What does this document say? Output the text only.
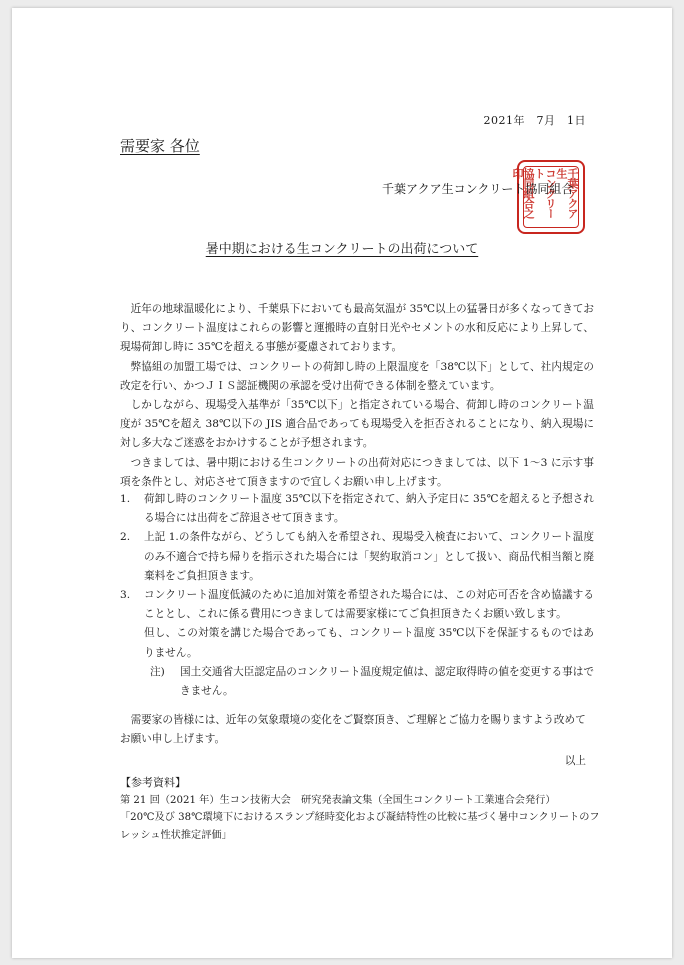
2021年　7月　1日
需要家 各位
千葉アクア生
コンクリート
協同組合之印
千葉アクア生コンクリート協同組合
暑中期における生コンクリートの出荷について

近年の地球温暖化により、千葉県下においても最高気温が 35℃以上の猛暑日が多くなってきており、コンクリート温度はこれらの影響と運搬時の直射日光やセメントの水和反応により上昇して、現場荷卸し時に 35℃を超える事態が憂慮されております。

弊協組の加盟工場では、コンクリートの荷卸し時の上限温度を「38℃以下」として、社内規定の改定を行い、かつＪＩＳ認証機関の承認を受け出荷できる体制を整えています。

しかしながら、現場受入基準が「35℃以下」と指定されている場合、荷卸し時のコンクリート温度が 35℃を超え 38℃以下の JIS 適合品であっても現場受入を拒否されることになり、納入現場に対し多大なご迷惑をおかけすることが予想されます。

つきましては、暑中期における生コンクリートの出荷対応につきましては、以下 1～3 に示す事項を条件とし、対応させて頂きますので宜しくお願い申し上げます。

1. 荷卸し時のコンクリート温度 35℃以下を指定されて、納入予定日に 35℃を超えると予想される場合には出荷をご辞退させて頂きます。
2. 上記 1.の条件ながら、どうしても納入を希望され、現場受入検査において、コンクリート温度のみ不適合で持ち帰りを指示された場合には「契約取消コン」として扱い、商品代相当額と廃棄料をご負担頂きます。
3. コンクリート温度低減のために追加対策を希望された場合には、この対応可否を含め協議することとし、これに係る費用につきましては需要家様にてご負担頂きたくお願い致します。

但し、この対策を講じた場合であっても、コンクリート温度 35℃以下を保証するものではありません。

注) 国土交通省大臣認定品のコンクリート温度規定値は、認定取得時の値を変更する事はできません。

需要家の皆様には、近年の気象環境の変化をご賢察頂き、ご理解とご協力を賜りますよう改めてお願い申し上げます。

以上
【参考資料】
第 21 回（2021 年）生コン技術大会　研究発表論文集（全国生コンクリート工業連合会発行）
「20℃及び 38℃環境下におけるスランプ経時変化および凝結特性の比較に基づく暑中コンクリートのフレッシュ性状推定評価」
